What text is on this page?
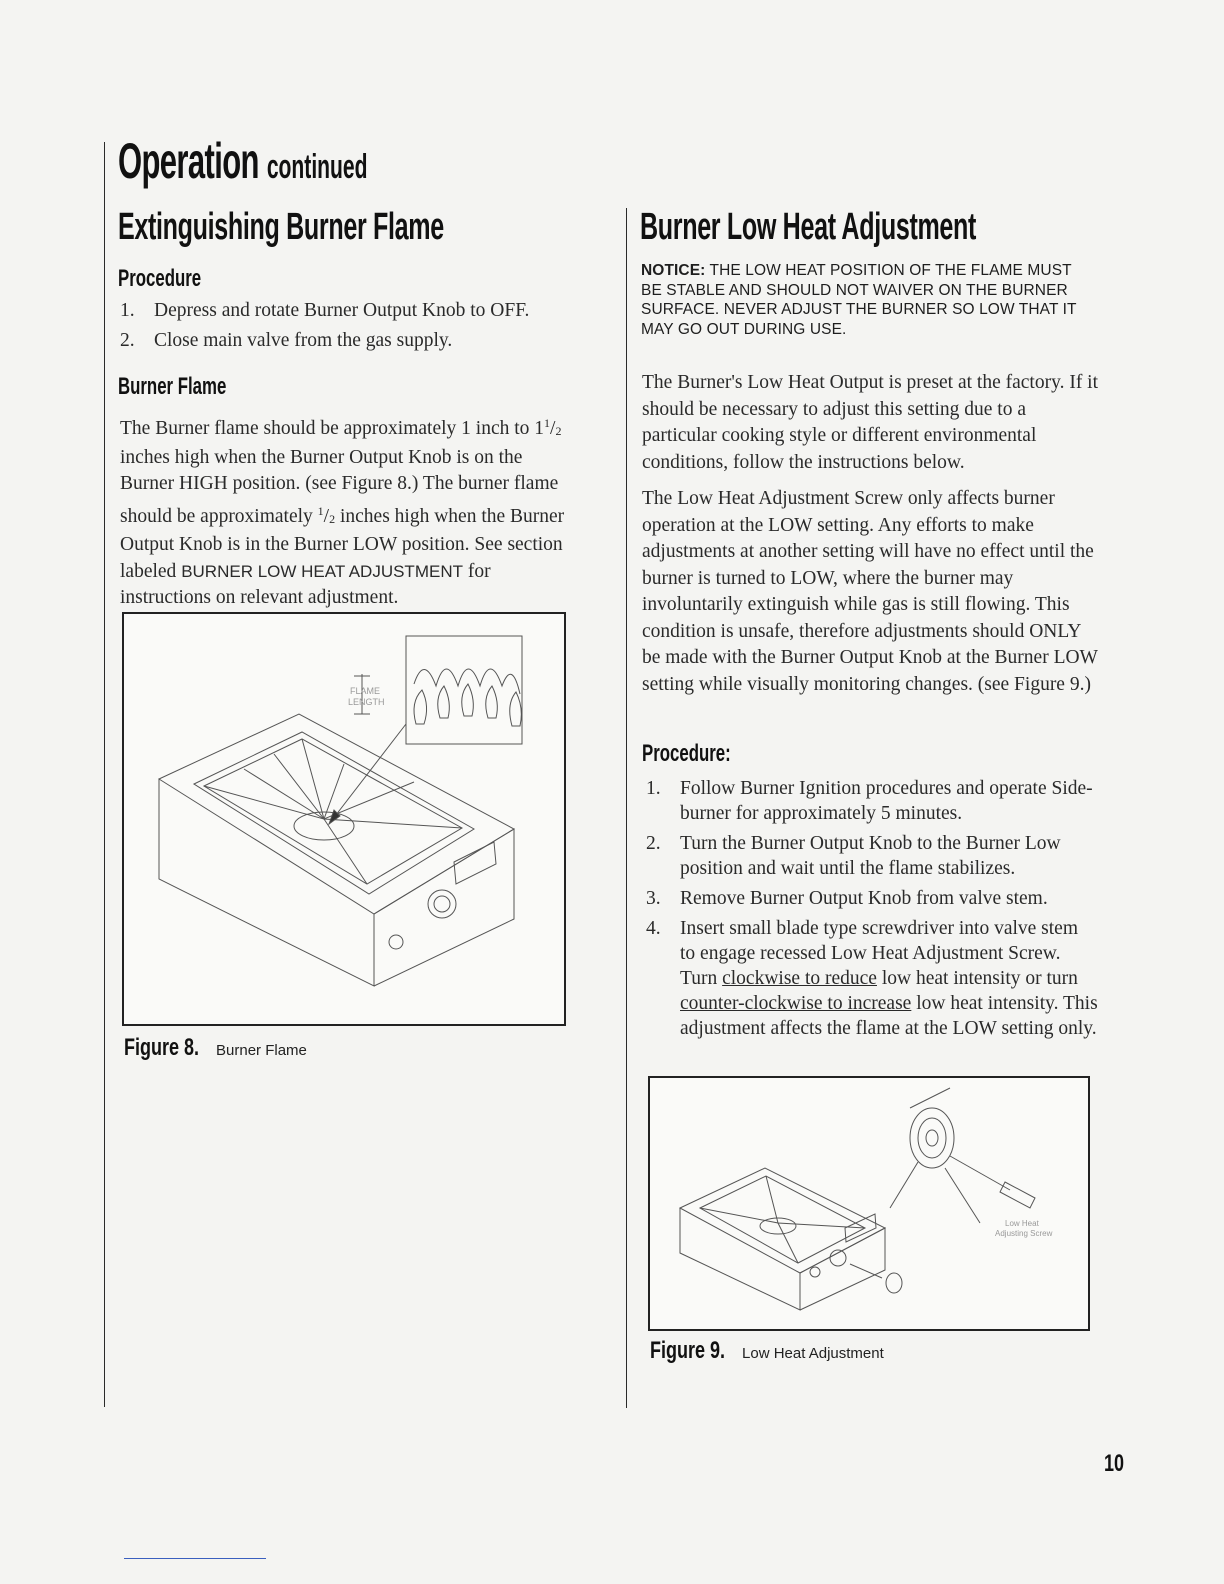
Operation continued
Extinguishing Burner Flame
Procedure
1. Depress and rotate Burner Output Knob to OFF.
2. Close main valve from the gas supply.
Burner Flame

The Burner flame should be approximately 1 inch to $1^1/_2$ inches high when the Burner Output Knob is on the Burner HIGH position. (see Figure 8.) The burner flame should be approximately $^1/_2$ inches high when the Burner Output Knob is in the Burner LOW position. See section labeled BURNER LOW HEAT ADJUSTMENT for instructions on relevant adjustment.

FLAME
LENGTH
Figure 8. Burner Flame
Burner Low Heat Adjustment
NOTICE: THE LOW HEAT POSITION OF THE FLAME MUST BE STABLE AND SHOULD NOT WAIVER ON THE BURNER SURFACE. NEVER ADJUST THE BURNER SO LOW THAT IT MAY GO OUT DURING USE.

The Burner's Low Heat Output is preset at the factory. If it should be necessary to adjust this setting due to a particular cooking style or different environmental conditions, follow the instructions below.

The Low Heat Adjustment Screw only affects burner operation at the LOW setting. Any efforts to make adjustments at another setting will have no effect until the burner is turned to LOW, where the burner may involuntarily extinguish while gas is still flowing. This condition is unsafe, therefore adjustments should ONLY be made with the Burner Output Knob at the Burner LOW setting while visually monitoring changes. (see Figure 9.)

Procedure:
1. Follow Burner Ignition procedures and operate Side-burner for approximately 5 minutes.
2. Turn the Burner Output Knob to the Burner Low position and wait until the flame stabilizes.
3. Remove Burner Output Knob from valve stem.
4. Insert small blade type screwdriver into valve stem to engage recessed Low Heat Adjustment Screw. Turn clockwise to reduce low heat intensity or turn counter-clockwise to increase low heat intensity. This adjustment affects the flame at the LOW setting only.
Low Heat
Adjusting Screw
Figure 9. Low Heat Adjustment
10
